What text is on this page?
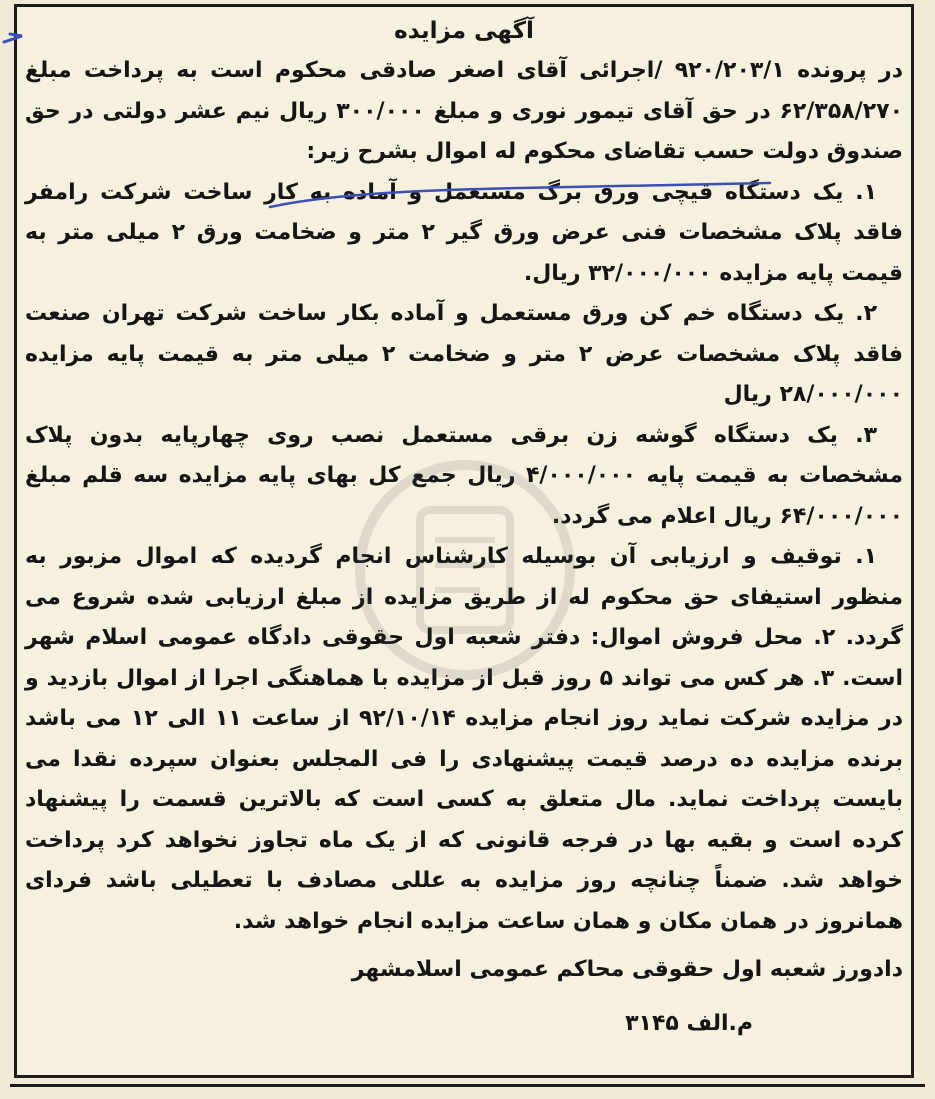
آگهی مزایده

در پرونده ۹۲۰/۲۰۳/۱ /اجرائی آقای اصغر صادقی محکوم است به پرداخت مبلغ ۶۲/۳۵۸/۲۷۰ در حق آقای تیمور نوری و مبلغ ۳۰۰/۰۰۰ ریال نیم عشر دولتی در حق صندوق دولت حسب تقاضای محکوم له اموال بشرح زیر:

۱. یک دستگاه قیچی ورق برگ مستعمل و آماده به کار ساخت شرکت رامفر فاقد پلاک مشخصات فنی عرض ورق گیر ۲ متر و ضخامت ورق ۲ میلی متر به قیمت پایه مزایده ۳۲/۰۰۰/۰۰۰ ریال.

۲. یک دستگاه خم کن ورق مستعمل و آماده بکار ساخت شرکت تهران صنعت فاقد پلاک مشخصات عرض ۲ متر و ضخامت ۲ میلی متر به قیمت پایه مزایده ۲۸/۰۰۰/۰۰۰ ریال

۳. یک دستگاه گوشه زن برقی مستعمل نصب روی چهارپایه بدون پلاک مشخصات به قیمت پایه ۴/۰۰۰/۰۰۰ ریال جمع کل بهای پایه مزایده سه قلم مبلغ ۶۴/۰۰۰/۰۰۰ ریال اعلام می گردد.

۱. توقیف و ارزیابی آن بوسیله کارشناس انجام گردیده که اموال مزبور به منظور استیفای حق محکوم له از طریق مزایده از مبلغ ارزیابی شده شروع می گردد. ۲. محل فروش اموال: دفتر شعبه اول حقوقی دادگاه عمومی اسلام شهر است. ۳. هر کس می تواند ۵ روز قبل از مزایده با هماهنگی اجرا از اموال بازدید و در مزایده شرکت نماید روز انجام مزایده ۹۲/۱۰/۱۴ از ساعت ۱۱ الی ۱۲ می باشد برنده مزایده ده درصد قیمت پیشنهادی را فی المجلس بعنوان سپرده نقدا می بایست پرداخت نماید. مال متعلق به کسی است که بالاترین قسمت را پیشنهاد کرده است و بقیه بها در فرجه قانونی که از یک ماه تجاوز نخواهد کرد پرداخت خواهد شد. ضمناً چنانچه روز مزایده به عللی مصادف با تعطیلی باشد فردای همانروز در همان مکان و همان ساعت مزایده انجام خواهد شد.

دادورز شعبه اول حقوقی محاکم عمومی اسلامشهر

م.الف ۳۱۴۵
